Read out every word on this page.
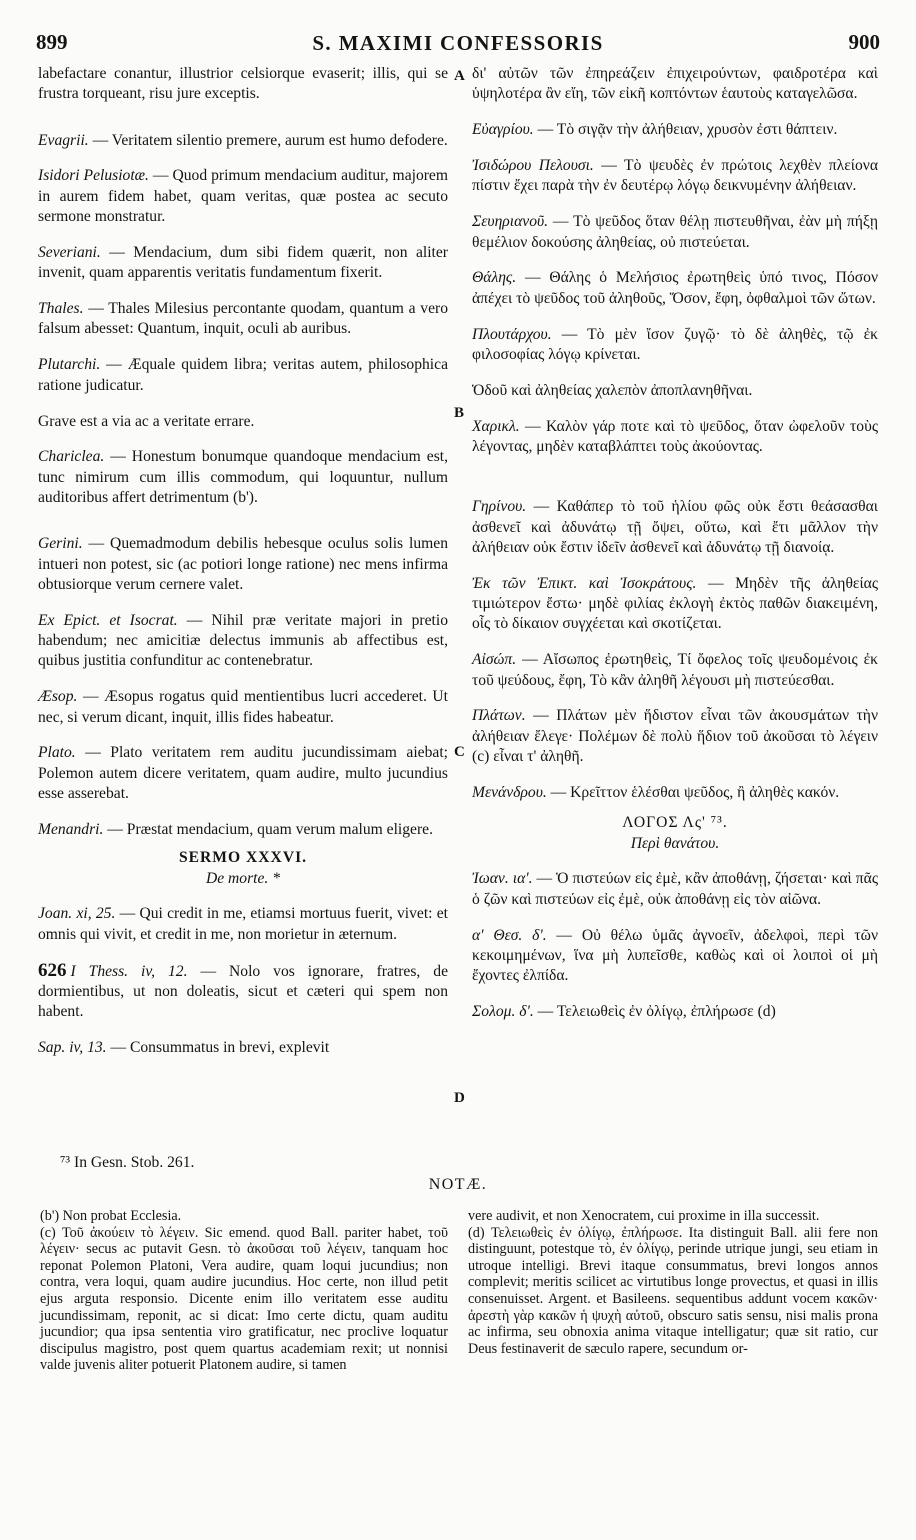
899	S. MAXIMI CONFESSORIS	900
A
B
C
D

labefactare conantur, illustrior celsiorque evaserit; illis, qui se frustra torqueant, risu jure exceptis.

Evagrii. — Veritatem silentio premere, aurum est humo defodere.

Isidori Pelusiotæ. — Quod primum mendacium auditur, majorem in aurem fidem habet, quam veritas, quæ postea ac secuto sermone monstratur.

Severiani. — Mendacium, dum sibi fidem quærit, non aliter invenit, quam apparentis veritatis fundamentum fixerit.

Thales. — Thales Milesius percontante quodam, quantum a vero falsum abesset: Quantum, inquit, oculi ab auribus.

Plutarchi. — Æquale quidem libra; veritas autem, philosophica ratione judicatur.

Grave est a via ac a veritate errare.

Chariclea. — Honestum bonumque quandoque mendacium est, tunc nimirum cum illis commodum, qui loquuntur, nullum auditoribus affert detrimentum (b').

Gerini. — Quemadmodum debilis hebesque oculus solis lumen intueri non potest, sic (ac potiori longe ratione) nec mens infirma obtusiorque verum cernere valet.

Ex Epict. et Isocrat. — Nihil præ veritate majori in pretio habendum; nec amicitiæ delectus immunis ab affectibus est, quibus justitia confunditur ac contenebratur.

Æsop. — Æsopus rogatus quid mentientibus lucri accederet. Ut nec, si verum dicant, inquit, illis fides habeatur.

Plato. — Plato veritatem rem auditu jucundissimam aiebat; Polemon autem dicere veritatem, quam audire, multo jucundius esse asserebat.

Menandri. — Præstat mendacium, quam verum malum eligere.

SERMO XXXVI.
De morte. *

Joan. xi, 25. — Qui credit in me, etiamsi mortuus fuerit, vivet: et omnis qui vivit, et credit in me, non morietur in æternum.

626 I Thess. iv, 12. — Nolo vos ignorare, fratres, de dormientibus, ut non doleatis, sicut et cæteri qui spem non habent.

Sap. iv, 13. — Consummatus in brevi, explevit

δι' αὐτῶν τῶν ἐπηρεάζειν ἐπιχειρούντων, φαιδροτέρα καὶ ὑψηλοτέρα ἂν εἴη, τῶν εἰκῆ κοπτόντων ἑαυτοὺς καταγελῶσα.

Εὐαγρίου. — Τὸ σιγᾷν τὴν ἀλήθειαν, χρυσὸν ἐστι θάπτειν.

Ἰσιδώρου Πελουσι. — Τὸ ψευδὲς ἐν πρώτοις λεχθὲν πλείονα πίστιν ἔχει παρὰ τὴν ἐν δευτέρῳ λόγῳ δεικνυμένην ἀλήθειαν.

Σευηριανοῦ. — Τὸ ψεῦδος ὅταν θέλῃ πιστευθῆναι, ἐὰν μὴ πήξῃ θεμέλιον δοκούσης ἀληθείας, οὐ πιστεύεται.

Θάλης. — Θάλης ὁ Μελήσιος ἐρωτηθεὶς ὑπό τινος, Πόσον ἀπέχει τὸ ψεῦδος τοῦ ἀληθοῦς, Ὅσον, ἔφη, ὀφθαλμοὶ τῶν ὤτων.

Πλουτάρχου. — Τὸ μὲν ἴσον ζυγῷ· τὸ δὲ ἀληθὲς, τῷ ἐκ φιλοσοφίας λόγῳ κρίνεται.

Ὁδοῦ καὶ ἀληθείας χαλεπὸν ἀποπλανηθῆναι.

Χαρικλ. — Καλὸν γάρ ποτε καὶ τὸ ψεῦδος, ὅταν ὠφελοῦν τοὺς λέγοντας, μηδὲν καταβλάπτει τοὺς ἀκούοντας.

Γηρίνου. — Καθάπερ τὸ τοῦ ἡλίου φῶς οὐκ ἔστι θεάσασθαι ἀσθενεῖ καὶ ἀδυνάτῳ τῇ ὄψει, οὕτω, καὶ ἔτι μᾶλλον τὴν ἀλήθειαν οὐκ ἔστιν ἰδεῖν ἀσθενεῖ καὶ ἀδυνάτῳ τῇ διανοίᾳ.

Ἐκ τῶν Ἐπικτ. καὶ Ἰσοκράτους. — Μηδὲν τῆς ἀληθείας τιμιώτερον ἔστω· μηδὲ φιλίας ἐκλογὴ ἐκτὸς παθῶν διακειμένη, οἷς τὸ δίκαιον συγχέεται καὶ σκοτίζεται.

Αἰσώπ. — Αἴσωπος ἐρωτηθεὶς, Τί ὄφελος τοῖς ψευδομένοις ἐκ τοῦ ψεύδους, ἔφη, Τὸ κἂν ἀληθῆ λέγουσι μὴ πιστεύεσθαι.

Πλάτων. — Πλάτων μὲν ἥδιστον εἶναι τῶν ἀκουσμάτων τὴν ἀλήθειαν ἔλεγε· Πολέμων δὲ πολὺ ἥδιον τοῦ ἀκοῦσαι τὸ λέγειν (c) εἶναι τ' ἀληθῆ.

Μενάνδρου. — Κρεῖττον ἑλέσθαι ψεῦδος, ἢ ἀληθὲς κακόν.

ΛΟΓΟΣ Λς' ⁷³.
Περὶ θανάτου.

Ἰωαν. ια'. — Ὁ πιστεύων εἰς ἐμὲ, κἂν ἀποθάνῃ, ζήσεται· καὶ πᾶς ὁ ζῶν καὶ πιστεύων εἰς ἐμὲ, οὐκ ἀποθάνῃ εἰς τὸν αἰῶνα.

α' Θεσ. δ'. — Οὐ θέλω ὑμᾶς ἀγνοεῖν, ἀδελφοὶ, περὶ τῶν κεκοιμημένων, ἵνα μὴ λυπεῖσθε, καθὼς καὶ οἱ λοιποὶ οἱ μὴ ἔχοντες ἐλπίδα.

Σολομ. δ'. — Τελειωθεὶς ἐν ὀλίγῳ, ἐπλήρωσε (d)

⁷³ In Gesn. Stob. 261.
NOTÆ.

(b') Non probat Ecclesia.

(c) Τοῦ ἀκούειν τὸ λέγειν. Sic emend. quod Ball. pariter habet, τοῦ λέγειν· secus ac putavit Gesn. τὸ ἀκοῦσαι τοῦ λέγειν, tanquam hoc reponat Polemon Platoni, Vera audire, quam loqui jucundius; non contra, vera loqui, quam audire jucundius. Hoc certe, non illud petit ejus arguta responsio. Dicente enim illo veritatem esse auditu jucundissimam, reponit, ac si dicat: Imo certe dictu, quam auditu jucundior; qua ipsa sententia viro gratificatur, nec proclive loquatur discipulus magistro, post quem quartus academiam rexit; ut nonnisi valde juvenis aliter potuerit Platonem audire, si tamen

vere audivit, et non Xenocratem, cui proxime in illa successit.

(d) Τελειωθεὶς ἐν ὀλίγῳ, ἐπλήρωσε. Ita distinguit Ball. alii fere non distinguunt, potestque τὸ, ἐν ὀλίγῳ, perinde utrique jungi, seu etiam in utroque intelligi. Brevi itaque consummatus, brevi longos annos complevit; meritis scilicet ac virtutibus longe provectus, et quasi in illis consenuisset. Argent. et Basileens. sequentibus addunt vocem κακῶν· ἀρεστὴ γὰρ κακῶν ἡ ψυχὴ αὐτοῦ, obscuro satis sensu, nisi malis prona ac infirma, seu obnoxia anima vitaque intelligatur; quæ sit ratio, cur Deus festinaverit de sæculo rapere, secundum or-
